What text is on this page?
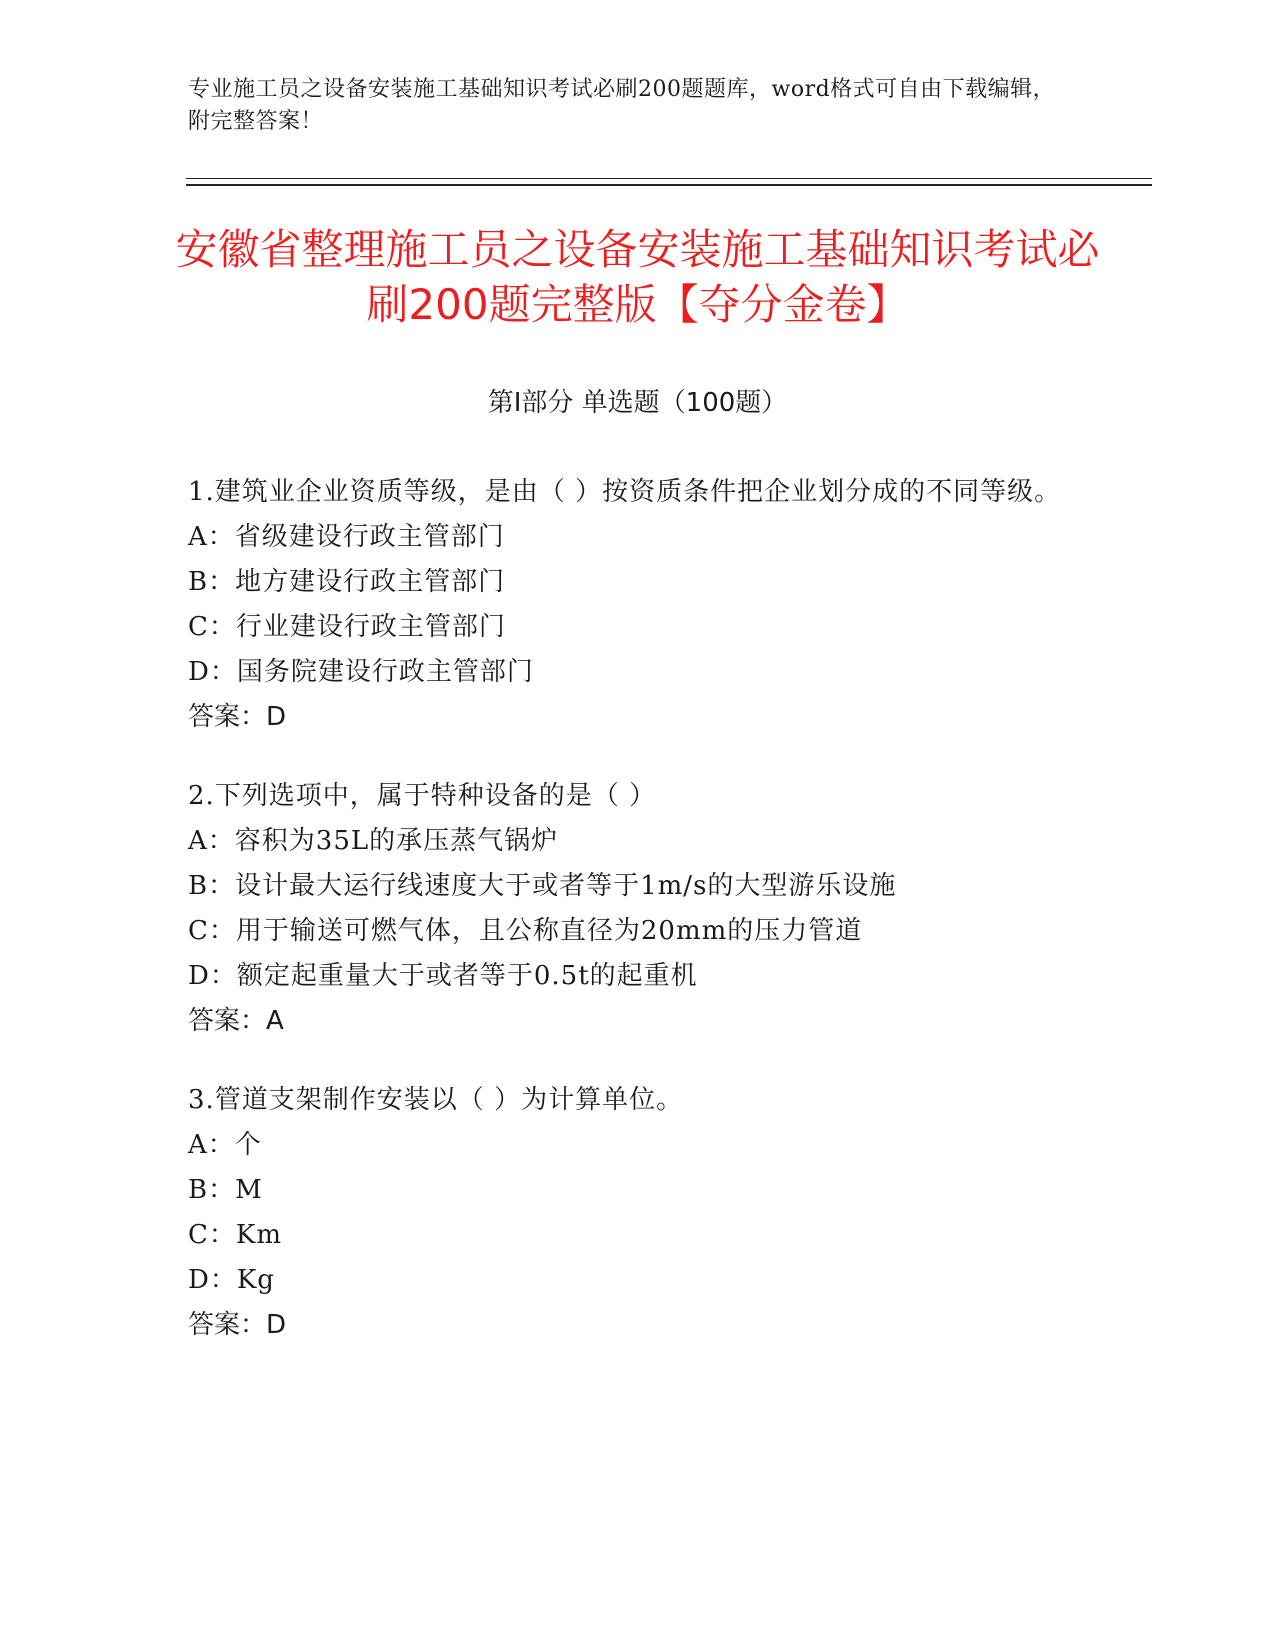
专业施工员之设备安装施工基础知识考试必刷200题题库，word格式可自由下载编辑，附完整答案！
安徽省整理施工员之设备安装施工基础知识考试必刷200题完整版【夺分金卷】
第I部分 单选题（100题）
1.建筑业企业资质等级，是由（ ）按资质条件把企业划分成的不同等级。
A：省级建设行政主管部门
B：地方建设行政主管部门
C：行业建设行政主管部门
D：国务院建设行政主管部门
答案：D
2.下列选项中，属于特种设备的是（ ）
A：容积为35L的承压蒸气锅炉
B：设计最大运行线速度大于或者等于1m/s的大型游乐设施
C：用于输送可燃气体，且公称直径为20mm的压力管道
D：额定起重量大于或者等于0.5t的起重机
答案：A
3.管道支架制作安装以（ ）为计算单位。
A：个
B：M
C：Km
D：Kg
答案：D
